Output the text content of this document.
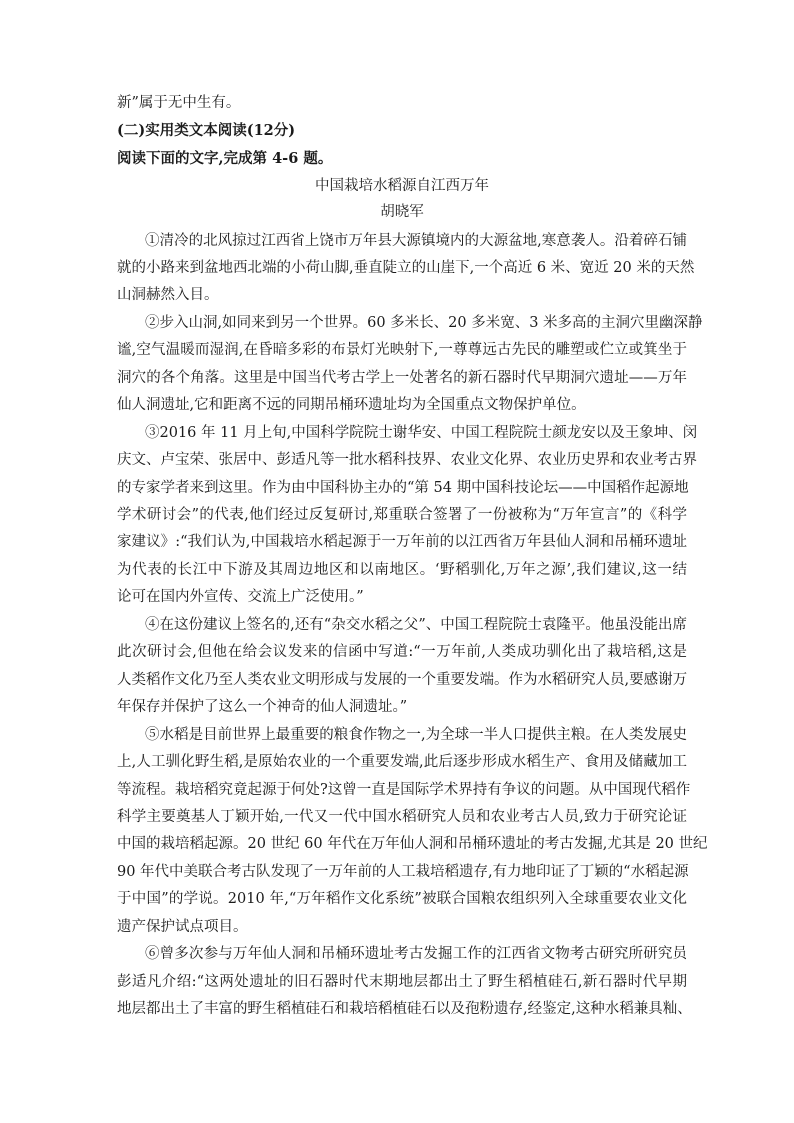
新”属于无中生有。
(二)实用类文本阅读(12分)
阅读下面的文字,完成第 4-6 题。
中国栽培水稻源自江西万年
胡晓军
①清冷的北风掠过江西省上饶市万年县大源镇境内的大源盆地,寒意袭人。沿着碎石铺
就的小路来到盆地西北端的小荷山脚,垂直陡立的山崖下,一个高近 6 米、宽近 20 米的天然
山洞赫然入目。
②步入山洞,如同来到另一个世界。60 多米长、20 多米宽、3 米多高的主洞穴里幽深静
谧,空气温暖而湿润,在昏暗多彩的布景灯光映射下,一尊尊远古先民的雕塑或伫立或箕坐于
洞穴的各个角落。这里是中国当代考古学上一处著名的新石器时代早期洞穴遗址——万年
仙人洞遗址,它和距离不远的同期吊桶环遗址均为全国重点文物保护单位。
③2016 年 11 月上旬,中国科学院院士谢华安、中国工程院院士颜龙安以及王象坤、闵
庆文、卢宝荣、张居中、彭适凡等一批水稻科技界、农业文化界、农业历史界和农业考古界
的专家学者来到这里。作为由中国科协主办的“第 54 期中国科技论坛——中国稻作起源地
学术研讨会”的代表,他们经过反复研讨,郑重联合签署了一份被称为“万年宣言”的《科学
家建议》:“我们认为,中国栽培水稻起源于一万年前的以江西省万年县仙人洞和吊桶环遗址
为代表的长江中下游及其周边地区和以南地区。‘野稻驯化,万年之源’,我们建议,这一结
论可在国内外宣传、交流上广泛使用。”
④在这份建议上签名的,还有“杂交水稻之父”、中国工程院院士袁隆平。他虽没能出席
此次研讨会,但他在给会议发来的信函中写道:“一万年前,人类成功驯化出了栽培稻,这是
人类稻作文化乃至人类农业文明形成与发展的一个重要发端。作为水稻研究人员,要感谢万
年保存并保护了这么一个神奇的仙人洞遗址。”
⑤水稻是目前世界上最重要的粮食作物之一,为全球一半人口提供主粮。在人类发展史
上,人工驯化野生稻,是原始农业的一个重要发端,此后逐步形成水稻生产、食用及储藏加工
等流程。栽培稻究竟起源于何处?这曾一直是国际学术界持有争议的问题。从中国现代稻作
科学主要奠基人丁颖开始,一代又一代中国水稻研究人员和农业考古人员,致力于研究论证
中国的栽培稻起源。20 世纪 60 年代在万年仙人洞和吊桶环遗址的考古发掘,尤其是 20 世纪
90 年代中美联合考古队发现了一万年前的人工栽培稻遗存,有力地印证了丁颖的“水稻起源
于中国”的学说。2010 年,“万年稻作文化系统”被联合国粮农组织列入全球重要农业文化
遗产保护试点项目。
⑥曾多次参与万年仙人洞和吊桶环遗址考古发掘工作的江西省文物考古研究所研究员
彭适凡介绍:“这两处遗址的旧石器时代末期地层都出土了野生稻植硅石,新石器时代早期
地层都出土了丰富的野生稻植硅石和栽培稻植硅石以及孢粉遗存,经鉴定,这种水稻兼具籼、
